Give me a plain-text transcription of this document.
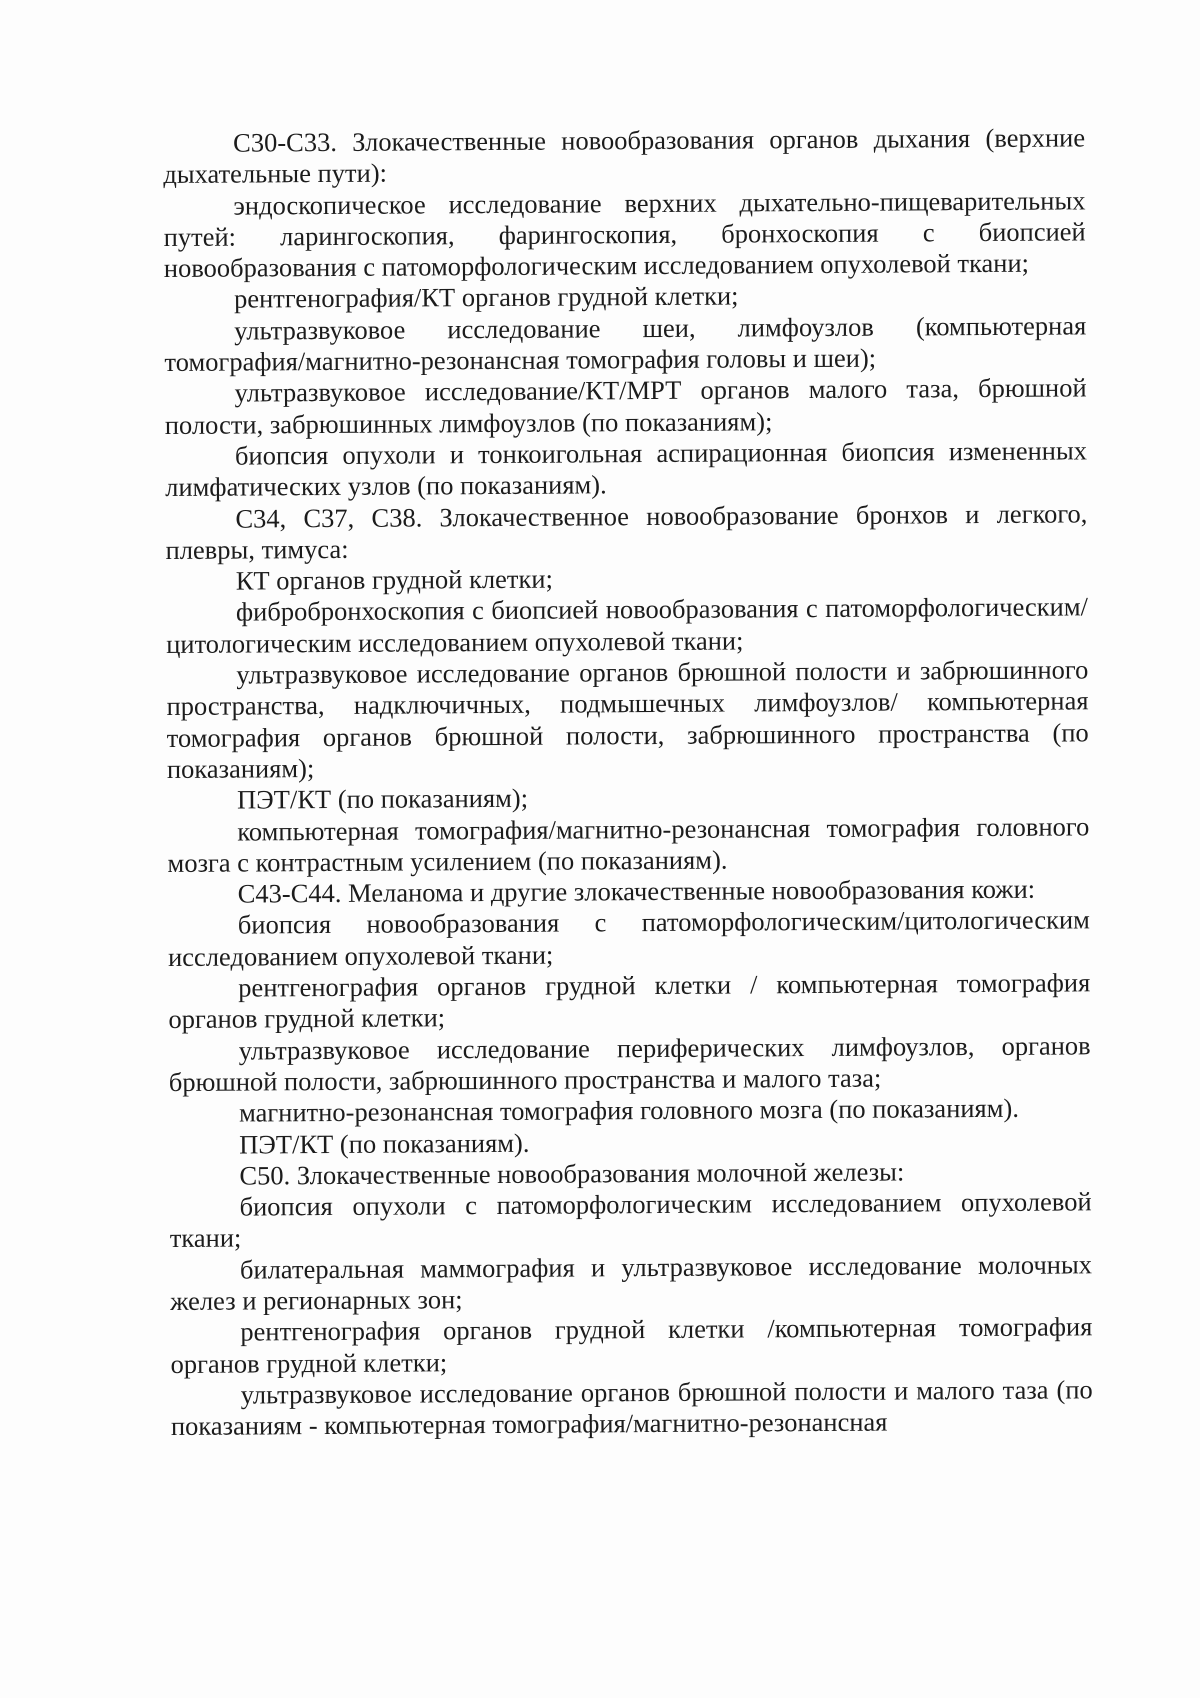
С30-С33. Злокачественные новообразования органов дыхания (верхние дыхательные пути):

эндоскопическое исследование верхних дыхательно-пищеварительных путей: ларингоскопия, фарингоскопия, бронхоскопия с биопсией новообразования с патоморфологическим исследованием опухолевой ткани;

рентгенография/КТ органов грудной клетки;

ультразвуковое исследование шеи, лимфоузлов (компьютерная томография/магнитно-резонансная томография головы и шеи);

ультразвуковое исследование/КТ/МРТ органов малого таза, брюшной полости, забрюшинных лимфоузлов (по показаниям);

биопсия опухоли и тонкоигольная аспирационная биопсия измененных лимфатических узлов (по показаниям).

С34, С37, С38. Злокачественное новообразование бронхов и легкого, плевры, тимуса:

КТ органов грудной клетки;

фибробронхоскопия с биопсией новообразования с патоморфологическим/цитологическим исследованием опухолевой ткани;

ультразвуковое исследование органов брюшной полости и забрюшинного пространства, надключичных, подмышечных лимфоузлов/ компьютерная томография органов брюшной полости, забрюшинного пространства (по показаниям);

ПЭТ/КТ (по показаниям);

компьютерная томография/магнитно-резонансная томография головного мозга с контрастным усилением (по показаниям).

С43-С44. Меланома и другие злокачественные новообразования кожи:

биопсия новообразования с патоморфологическим/цитологическим исследованием опухолевой ткани;

рентгенография органов грудной клетки / компьютерная томография органов грудной клетки;

ультразвуковое исследование периферических лимфоузлов, органов брюшной полости, забрюшинного пространства и малого таза;

магнитно-резонансная томография головного мозга (по показаниям).

ПЭТ/КТ (по показаниям).

С50. Злокачественные новообразования молочной железы:

биопсия опухоли с патоморфологическим исследованием опухолевой ткани;

билатеральная маммография и ультразвуковое исследование молочных желез и регионарных зон;

рентгенография органов грудной клетки /компьютерная томография органов грудной клетки;

ультразвуковое исследование органов брюшной полости и малого таза (по показаниям - компьютерная томография/магнитно-резонансная
